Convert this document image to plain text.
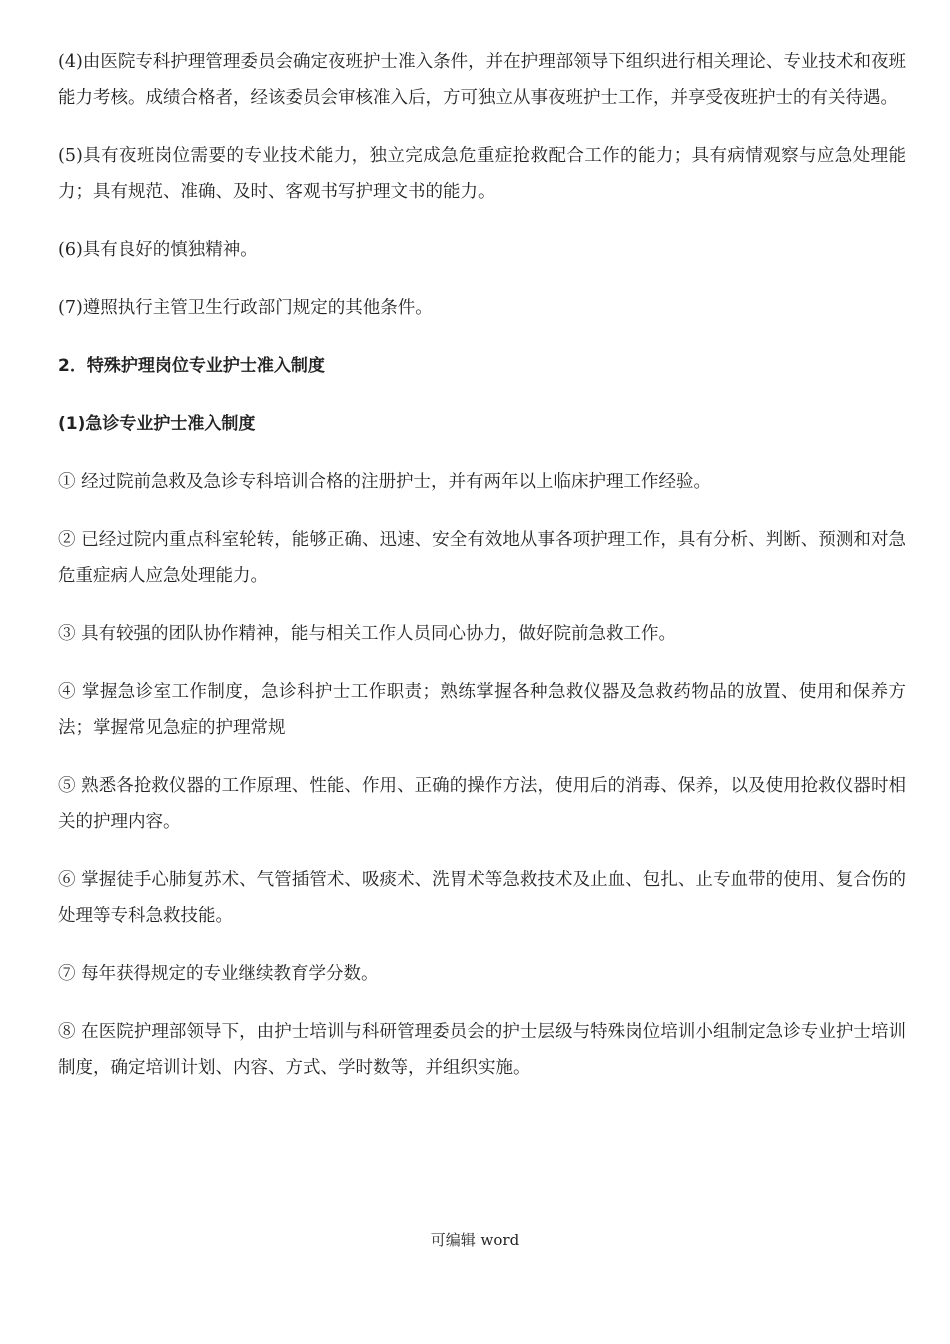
(4)由医院专科护理管理委员会确定夜班护士准入条件，并在护理部领导下组织进行相关理论、专业技术和夜班能力考核。成绩合格者，经该委员会审核准入后，方可独立从事夜班护士工作，并享受夜班护士的有关待遇。

(5)具有夜班岗位需要的专业技术能力，独立完成急危重症抢救配合工作的能力；具有病情观察与应急处理能力；具有规范、准确、及时、客观书写护理文书的能力。

(6)具有良好的慎独精神。

(7)遵照执行主管卫生行政部门规定的其他条件。

2．特殊护理岗位专业护士准入制度

(1)急诊专业护士准入制度

① 经过院前急救及急诊专科培训合格的注册护士，并有两年以上临床护理工作经验。

② 已经过院内重点科室轮转，能够正确、迅速、安全有效地从事各项护理工作，具有分析、判断、预测和对急危重症病人应急处理能力。

③ 具有较强的团队协作精神，能与相关工作人员同心协力，做好院前急救工作。

④ 掌握急诊室工作制度，急诊科护士工作职责；熟练掌握各种急救仪器及急救药物品的放置、使用和保养方法；掌握常见急症的护理常规

⑤ 熟悉各抢救仪器的工作原理、性能、作用、正确的操作方法，使用后的消毒、保养，以及使用抢救仪器时相关的护理内容。

⑥ 掌握徒手心肺复苏术、气管插管术、吸痰术、洗胃术等急救技术及止血、包扎、止专血带的使用、复合伤的处理等专科急救技能。

⑦ 每年获得规定的专业继续教育学分数。

⑧ 在医院护理部领导下，由护士培训与科研管理委员会的护士层级与特殊岗位培训小组制定急诊专业护士培训制度，确定培训计划、内容、方式、学时数等，并组织实施。

可编辑 word
